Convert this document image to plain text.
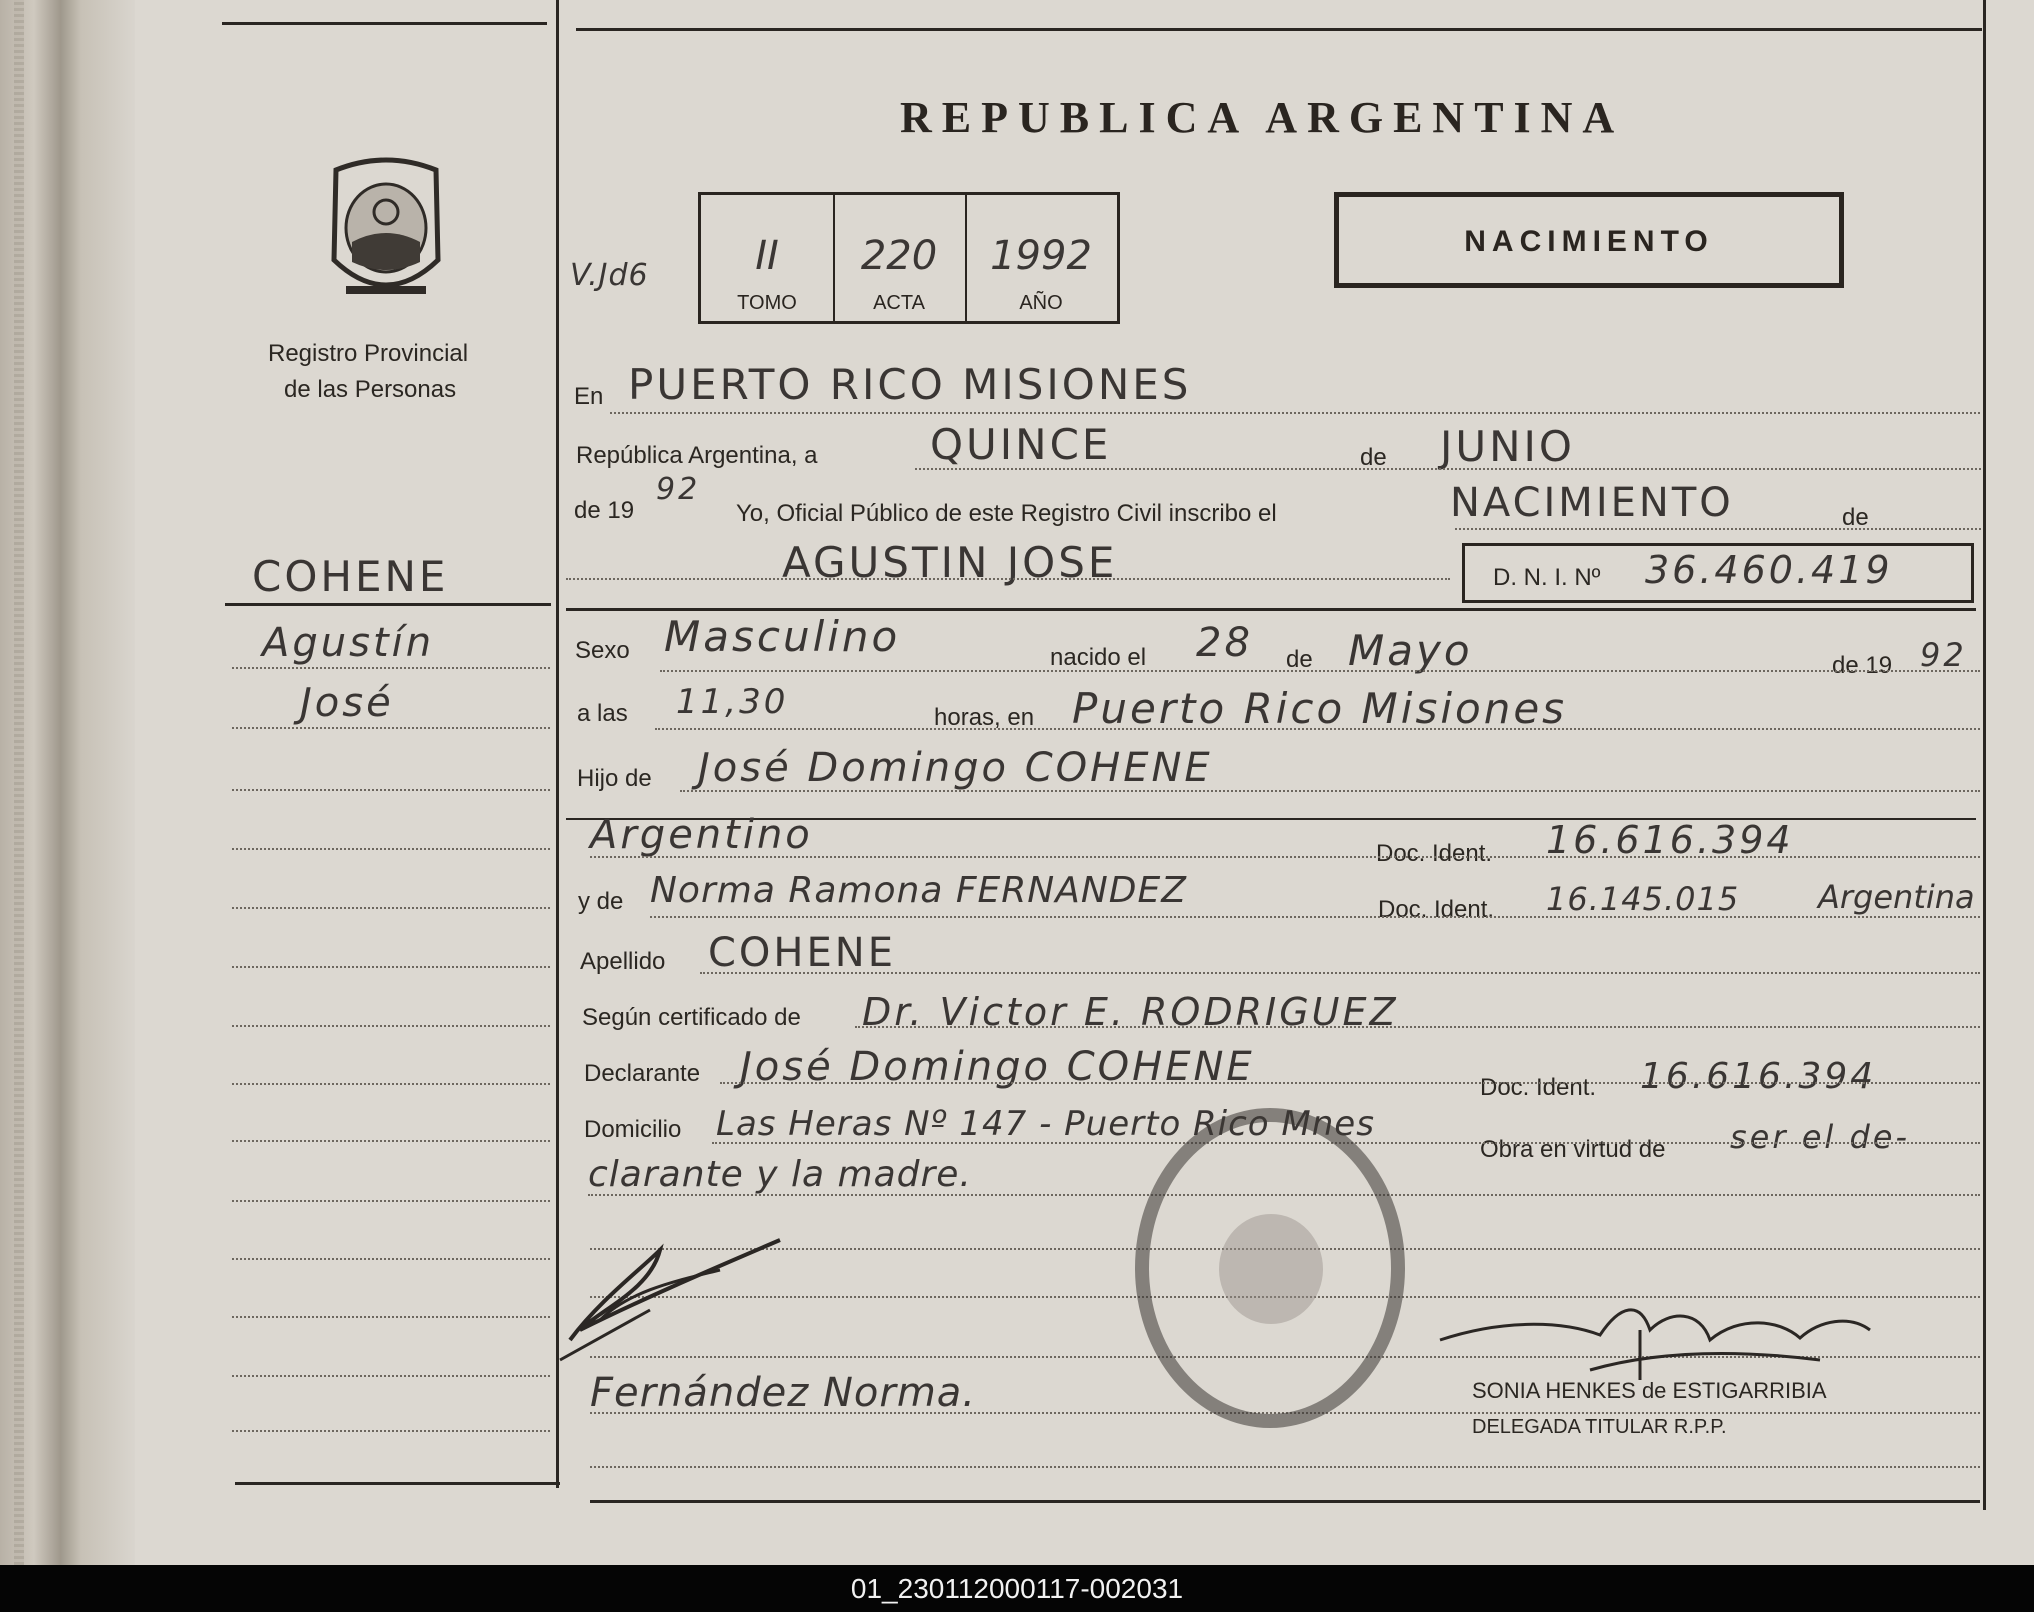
Registro Provincial
de las Personas
COHENE
Agustín
José
REPUBLICA ARGENTINA
V.Jd6	II
TOMO
220
ACTA
1992
AÑO
NACIMIENTO
En PUERTO RICO MISIONES
República Argentina, a	QUINCE	de JUNIO
de 19
92
Yo, Oficial Público de este Registro Civil inscribo el	NACIMIENTO	de
AGUSTIN JOSE	D. N. I. Nº 36.460.419
Sexo Masculino	nacido el 28 de Mayo	de 19 92
a las 11,30	horas, en Puerto Rico Misiones
Hijo de José Domingo COHENE
Argentino	Doc. Ident. 16.616.394
y de Norma Ramona FERNANDEZ	Doc. Ident. 16.145.015 Argentina
Apellido COHENE
Según certificado de Dr. Victor E. RODRIGUEZ
Declarante José Domingo COHENE	Doc. Ident. 16.616.394
Domicilio Las Heras Nº 147 - Puerto Rico Mnes
Obra en virtud de ser el de-
clarante y la madre.
Fernández Norma.	SONIA HENKES de ESTIGARRIBIA
DELEGADA TITULAR R.P.P.
01_230112000117-002031
